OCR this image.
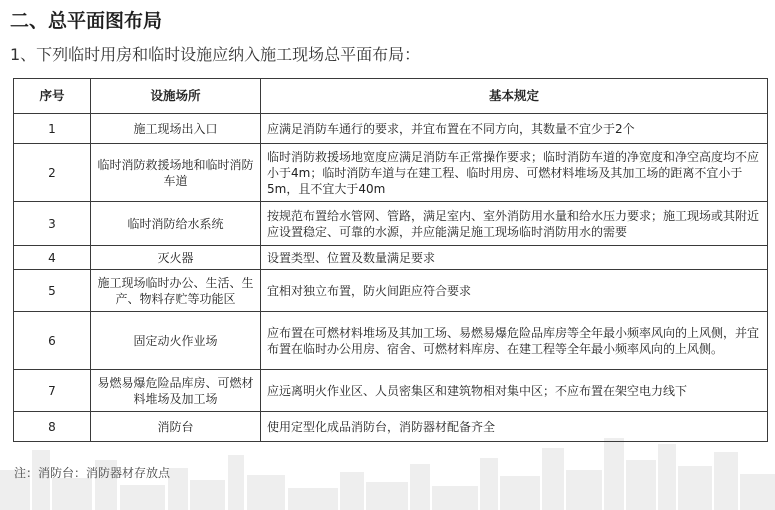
二、总平面图布局

1、下列临时用房和临时设施应纳入施工现场总平面布局：

序号	设施场所	基本规定
1	施工现场出入口	应满足消防车通行的要求，并宜布置在不同方向，其数量不宜少于2个
2	临时消防救援场地和临时消防车道	临时消防救援场地宽度应满足消防车正常操作要求；临时消防车道的净宽度和净空高度均不应小于4m；临时消防车道与在建工程、临时用房、可燃材料堆场及其加工场的距离不宜小于5m，且不宜大于40m
3	临时消防给水系统	按规范布置给水管网、管路，满足室内、室外消防用水量和给水压力要求；施工现场或其附近应设置稳定、可靠的水源，并应能满足施工现场临时消防用水的需要
4	灭火器	设置类型、位置及数量满足要求
5	施工现场临时办公、生活、生产、物料存贮等功能区	宜相对独立布置，防火间距应符合要求
6	固定动火作业场	应布置在可燃材料堆场及其加工场、易燃易爆危险品库房等全年最小频率风向的上风侧，并宜布置在临时办公用房、宿舍、可燃材料库房、在建工程等全年最小频率风向的上风侧。
7	易燃易爆危险品库房、可燃材料堆场及加工场	应远离明火作业区、人员密集区和建筑物相对集中区；不应布置在架空电力线下
8	消防台	使用定型化成品消防台，消防器材配备齐全

注：消防台：消防器材存放点
